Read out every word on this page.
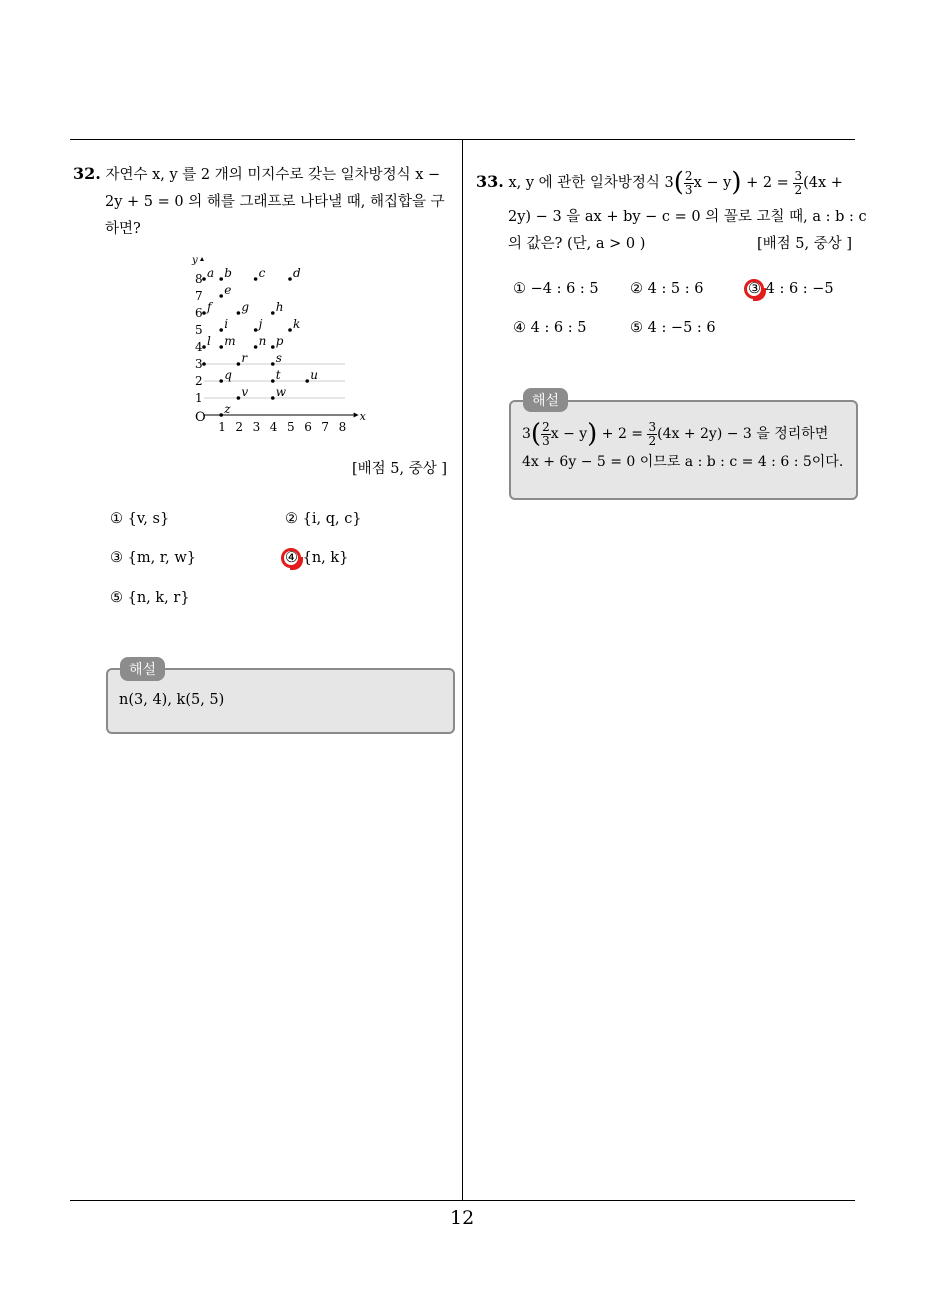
12
32. 자연수 x, y 를 2 개의 미지수로 갖는 일차방정식 x −
2y + 5 = 0 의 해를 그래프로 나타낼 때, 해집합을 구
하면?
x
y
O
1 2 3 4 5 6 7 8
1
2
3
4
5
6
7
8 a b c d
e
f g h
i	j	k
l m n p
r s
q	t u
v w
z
[배점 5, 중상 ]
① {v, s}	② {i, q, c}
③ {m, r, w}	④ {n, k}
⑤ {n, k, r}
n(3, 4), k(5, 5)
해설
33. x, y 에 관한 일차방정식 $3( \frac{2}{3}$ $x - y) + 2 = \frac{3}{2} (4x$ +
2y) − 3 을 ax + by − c = 0 의 꼴로 고칠 때, a : b : c
의 값은? (단, a > 0 )	[배점 5, 중상 ]
① −4 : 6 : 5 ② 4 : 5 : 6	③ 4 : 6 : −5
④ 4 : 6 : 5	⑤ 4 : −5 : 6
$3( \frac{2}{3}$ $x - y) + 2 = \frac{3}{2} (4x + 2y) - 3$ 을 정리하면
4x + 6y − 5 = 0 이므로 a : b : c = 4 : 6 : 5이다.
해설
